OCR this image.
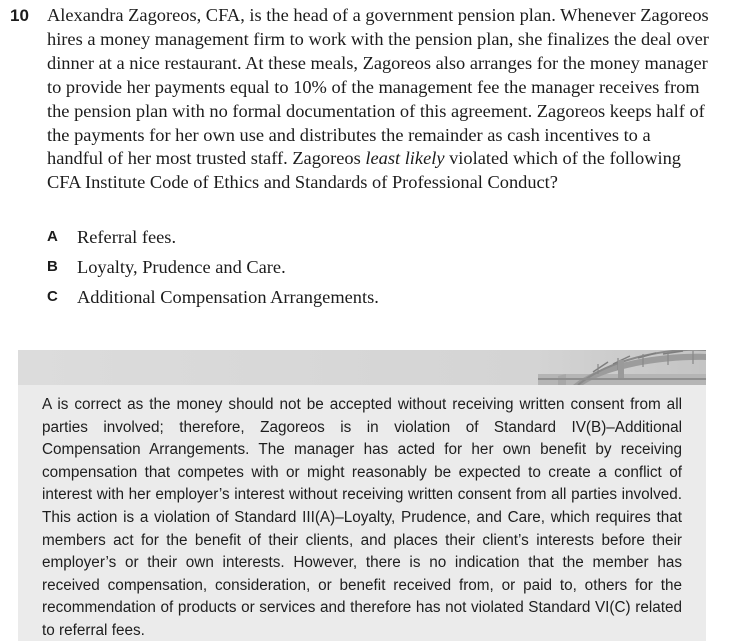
10 Alexandra Zagoreos, CFA, is the head of a government pension plan. Whenever Zagoreos hires a money management firm to work with the pension plan, she finalizes the deal over dinner at a nice restaurant. At these meals, Zagoreos also arranges for the money manager to provide her payments equal to 10% of the management fee the manager receives from the pension plan with no formal documentation of this agreement. Zagoreos keeps half of the payments for her own use and distributes the remainder as cash incentives to a handful of her most trusted staff. Zagoreos least likely violated which of the following CFA Institute Code of Ethics and Standards of Professional Conduct?
A	Referral fees.
B	Loyalty, Prudence and Care.
C	Additional Compensation Arrangements.
A is correct as the money should not be accepted without receiving written consent from all parties involved; therefore, Zagoreos is in violation of Standard IV(B)–Additional Compensation Arrangements. The manager has acted for her own benefit by receiving compensation that competes with or might reasonably be expected to create a conflict of interest with her employer’s interest without receiving written consent from all parties involved. This action is a violation of Standard III(A)–Loyalty, Prudence, and Care, which requires that members act for the benefit of their clients, and places their client’s interests before their employer’s or their own interests. However, there is no indication that the member has received compensation, consideration, or benefit received from, or paid to, others for the recommendation of products or services and therefore has not violated Standard VI(C) related to referral fees.
